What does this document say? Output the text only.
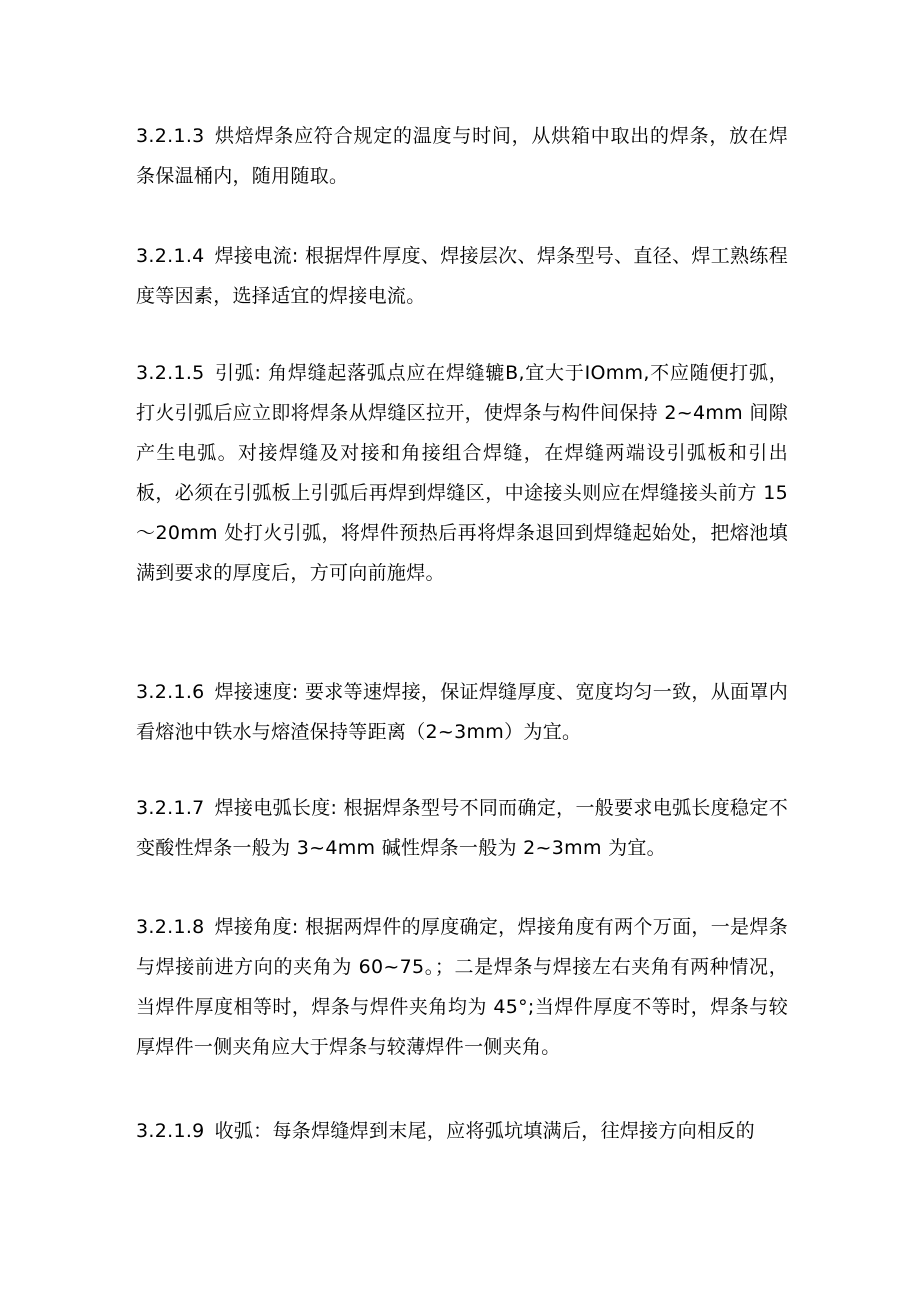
3.2.1.3 烘焙焊条应符合规定的温度与时间，从烘箱中取出的焊条，放在焊条保温桶内，随用随取。

3.2.1.4 焊接电流: 根据焊件厚度、焊接层次、焊条型号、直径、焊工熟练程度等因素，选择适宜的焊接电流。

3.2.1.5 引弧: 角焊缝起落弧点应在焊缝辘B,宜大于IOmm,不应随便打弧，打火引弧后应立即将焊条从焊缝区拉开，使焊条与构件间保持 2~4mm 间隙产生电弧。对接焊缝及对接和角接组合焊缝，在焊缝两端设引弧板和引出板，必须在引弧板上引弧后再焊到焊缝区，中途接头则应在焊缝接头前方 15～20mm 处打火引弧，将焊件预热后再将焊条退回到焊缝起始处，把熔池填满到要求的厚度后，方可向前施焊。

3.2.1.6 焊接速度: 要求等速焊接，保证焊缝厚度、宽度均匀一致，从面罩内看熔池中铁水与熔渣保持等距离（2~3mm）为宜。

3.2.1.7 焊接电弧长度: 根据焊条型号不同而确定，一般要求电弧长度稳定不变酸性焊条一般为 3~4mm 碱性焊条一般为 2~3mm 为宜。

3.2.1.8 焊接角度: 根据两焊件的厚度确定，焊接角度有两个万面，一是焊条与焊接前进方向的夹角为 60~75。；二是焊条与焊接左右夹角有两种情况，当焊件厚度相等时，焊条与焊件夹角均为 45°;当焊件厚度不等时，焊条与较厚焊件一侧夹角应大于焊条与较薄焊件一侧夹角。

3.2.1.9 收弧：每条焊缝焊到末尾，应将弧坑填满后，往焊接方向相反的
